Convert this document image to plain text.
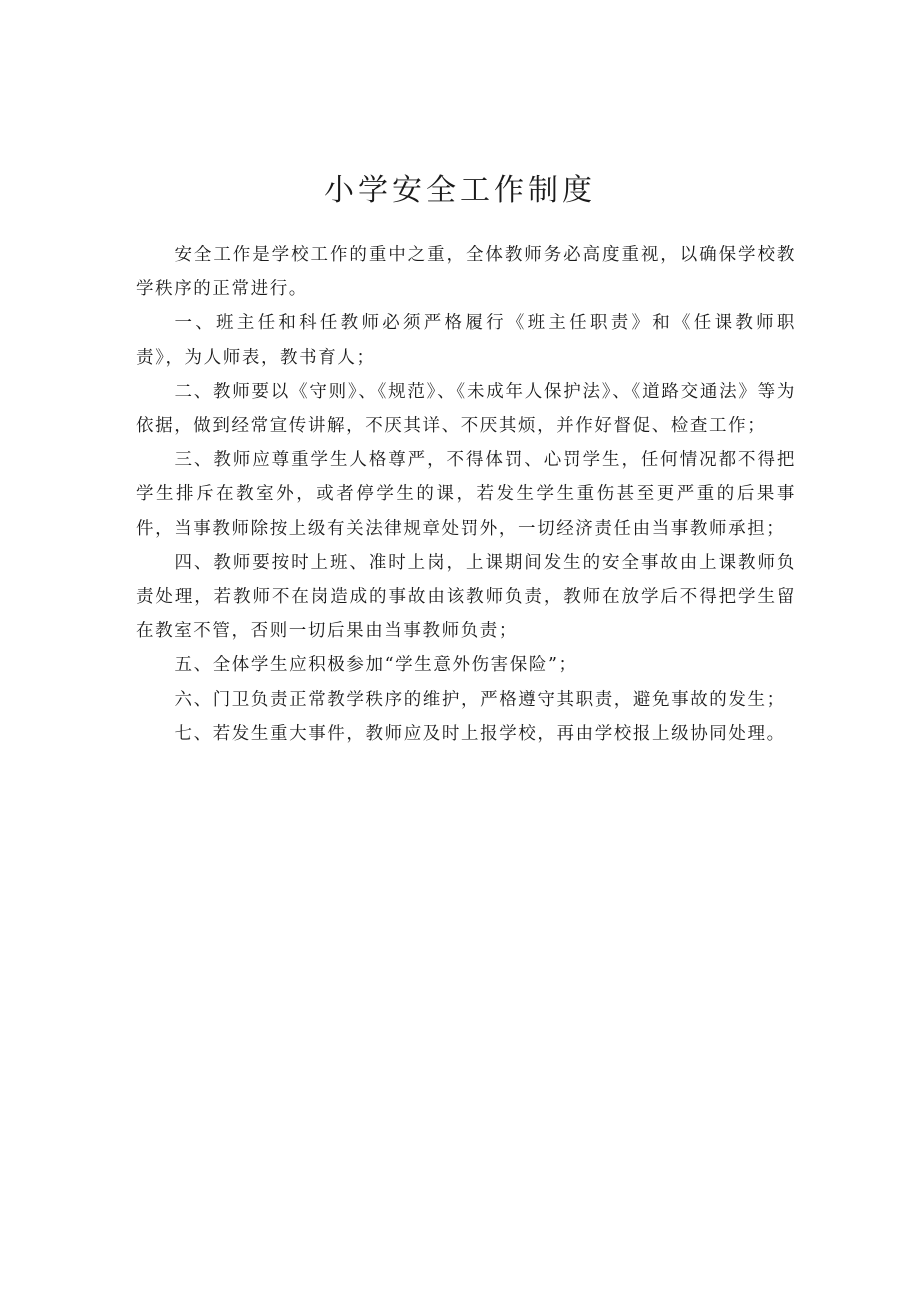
小学安全工作制度

安全工作是学校工作的重中之重，全体教师务必高度重视，以确保学校教学秩序的正常进行。

一、班主任和科任教师必须严格履行《班主任职责》和《任课教师职责》，为人师表，教书育人；

二、教师要以《守则》、《规范》、《未成年人保护法》、《道路交通法》等为依据，做到经常宣传讲解，不厌其详、不厌其烦，并作好督促、检查工作；

三、教师应尊重学生人格尊严，不得体罚、心罚学生，任何情况都不得把学生排斥在教室外，或者停学生的课，若发生学生重伤甚至更严重的后果事件，当事教师除按上级有关法律规章处罚外，一切经济责任由当事教师承担；

四、教师要按时上班、准时上岗，上课期间发生的安全事故由上课教师负责处理，若教师不在岗造成的事故由该教师负责，教师在放学后不得把学生留在教室不管，否则一切后果由当事教师负责；

五、全体学生应积极参加“学生意外伤害保险”；

六、门卫负责正常教学秩序的维护，严格遵守其职责，避免事故的发生；

七、若发生重大事件，教师应及时上报学校，再由学校报上级协同处理。
